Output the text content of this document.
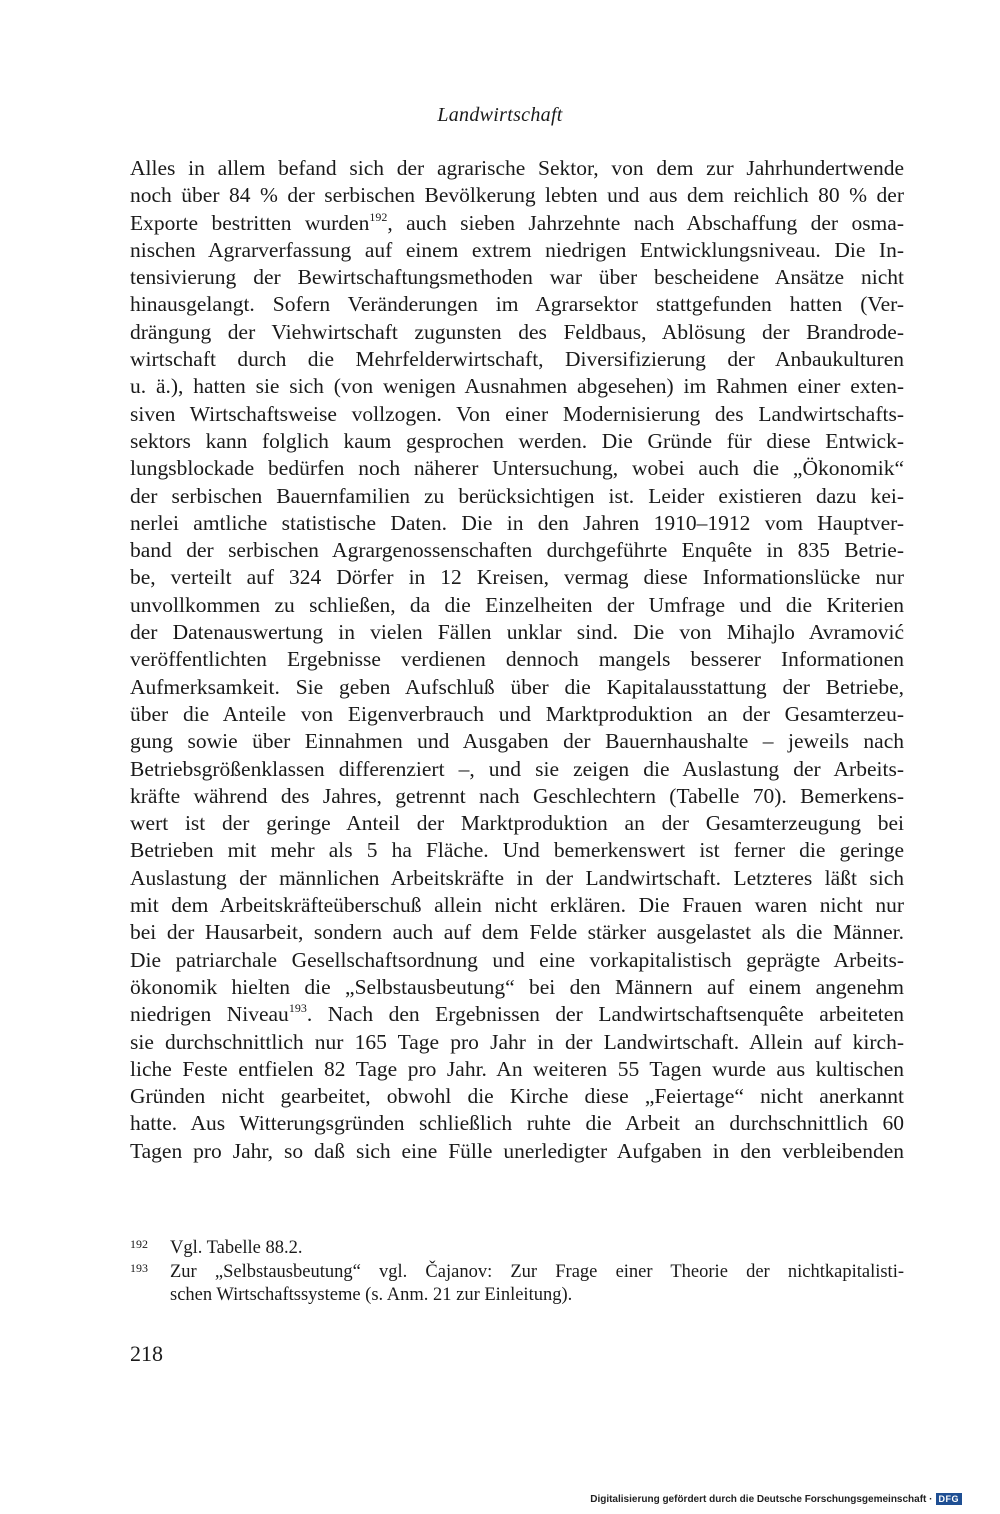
Landwirtschaft
Alles in allem befand sich der agrarische Sektor, von dem zur Jahrhundertwende
noch über 84 % der serbischen Bevölkerung lebten und aus dem reichlich 80 % der
Exporte bestritten wurden$^{192}$, auch sieben Jahrzehnte nach Abschaffung der osma-
nischen Agrarverfassung auf einem extrem niedrigen Entwicklungsniveau. Die In-
tensivierung der Bewirtschaftungsmethoden war über bescheidene Ansätze nicht
hinausgelangt. Sofern Veränderungen im Agrarsektor stattgefunden hatten (Ver-
drängung der Viehwirtschaft zugunsten des Feldbaus, Ablösung der Brandrode-
wirtschaft durch die Mehrfelderwirtschaft, Diversifizierung der Anbaukulturen
u. ä.), hatten sie sich (von wenigen Ausnahmen abgesehen) im Rahmen einer exten-
siven Wirtschaftsweise vollzogen. Von einer Modernisierung des Landwirtschafts-
sektors kann folglich kaum gesprochen werden. Die Gründe für diese Entwick-
lungsblockade bedürfen noch näherer Untersuchung, wobei auch die „Ökonomik“
der serbischen Bauernfamilien zu berücksichtigen ist. Leider existieren dazu kei-
nerlei amtliche statistische Daten. Die in den Jahren 1910–1912 vom Hauptver-
band der serbischen Agrargenossenschaften durchgeführte Enquête in 835 Betrie-
be, verteilt auf 324 Dörfer in 12 Kreisen, vermag diese Informationslücke nur
unvollkommen zu schließen, da die Einzelheiten der Umfrage und die Kriterien
der Datenauswertung in vielen Fällen unklar sind. Die von Mihajlo Avramović
veröffentlichten Ergebnisse verdienen dennoch mangels besserer Informationen
Aufmerksamkeit. Sie geben Aufschluß über die Kapitalausstattung der Betriebe,
über die Anteile von Eigenverbrauch und Marktproduktion an der Gesamterzeu-
gung sowie über Einnahmen und Ausgaben der Bauernhaushalte – jeweils nach
Betriebsgrößenklassen differenziert –, und sie zeigen die Auslastung der Arbeits-
kräfte während des Jahres, getrennt nach Geschlechtern (Tabelle 70). Bemerkens-
wert ist der geringe Anteil der Marktproduktion an der Gesamterzeugung bei
Betrieben mit mehr als 5 ha Fläche. Und bemerkenswert ist ferner die geringe
Auslastung der männlichen Arbeitskräfte in der Landwirtschaft. Letzteres läßt sich
mit dem Arbeitskräfteüberschuß allein nicht erklären. Die Frauen waren nicht nur
bei der Hausarbeit, sondern auch auf dem Felde stärker ausgelastet als die Männer.
Die patriarchale Gesellschaftsordnung und eine vorkapitalistisch geprägte Arbeits-
ökonomik hielten die „Selbstausbeutung“ bei den Männern auf einem angenehm
niedrigen Niveau$^{193}$. Nach den Ergebnissen der Landwirtschaftsenquête arbeiteten
sie durchschnittlich nur 165 Tage pro Jahr in der Landwirtschaft. Allein auf kirch-
liche Feste entfielen 82 Tage pro Jahr. An weiteren 55 Tagen wurde aus kultischen
Gründen nicht gearbeitet, obwohl die Kirche diese „Feiertage“ nicht anerkannt
hatte. Aus Witterungsgründen schließlich ruhte die Arbeit an durchschnittlich 60
Tagen pro Jahr, so daß sich eine Fülle unerledigter Aufgaben in den verbleibenden
192 Vgl. Tabelle 88.2.
193 Zur „Selbstausbeutung“ vgl. Čajanov: Zur Frage einer Theorie der nichtkapitalisti-
schen Wirtschaftssysteme (s. Anm. 21 zur Einleitung).
218
Digitalisierung gefördert durch die Deutsche Forschungsgemeinschaft · DFG
